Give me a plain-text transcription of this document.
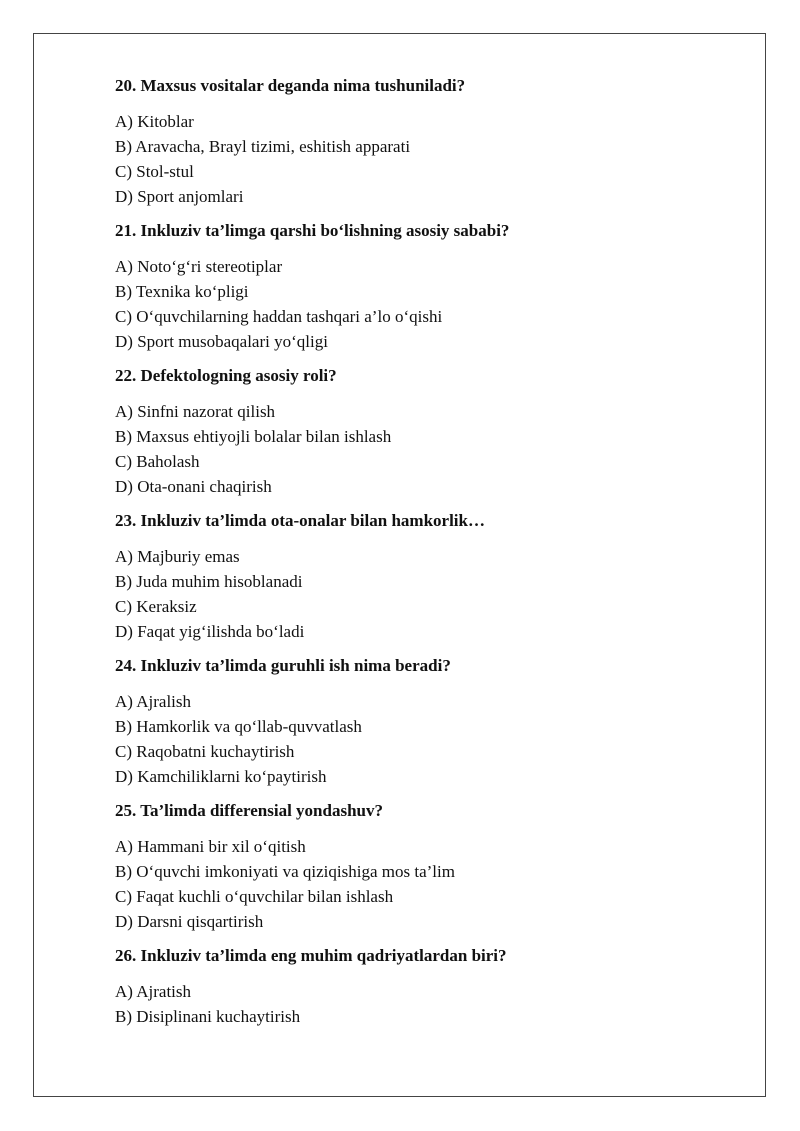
20. Maxsus vositalar deganda nima tushuniladi?

A) Kitoblar

B) Aravacha, Brayl tizimi, eshitish apparati

C) Stol-stul

D) Sport anjomlari

21. Inkluziv ta’limga qarshi bo‘lishning asosiy sababi?

A) Noto‘g‘ri stereotiplar

B) Texnika ko‘pligi

C) O‘quvchilarning haddan tashqari a’lo o‘qishi

D) Sport musobaqalari yo‘qligi

22. Defektologning asosiy roli?

A) Sinfni nazorat qilish

B) Maxsus ehtiyojli bolalar bilan ishlash

C) Baholash

D) Ota-onani chaqirish

23. Inkluziv ta’limda ota-onalar bilan hamkorlik…

A) Majburiy emas

B) Juda muhim hisoblanadi

C) Keraksiz

D) Faqat yig‘ilishda bo‘ladi

24. Inkluziv ta’limda guruhli ish nima beradi?

A) Ajralish

B) Hamkorlik va qo‘llab-quvvatlash

C) Raqobatni kuchaytirish

D) Kamchiliklarni ko‘paytirish

25. Ta’limda differensial yondashuv?

A) Hammani bir xil o‘qitish

B) O‘quvchi imkoniyati va qiziqishiga mos ta’lim

C) Faqat kuchli o‘quvchilar bilan ishlash

D) Darsni qisqartirish

26. Inkluziv ta’limda eng muhim qadriyatlardan biri?

A) Ajratish

B) Disiplinani kuchaytirish
